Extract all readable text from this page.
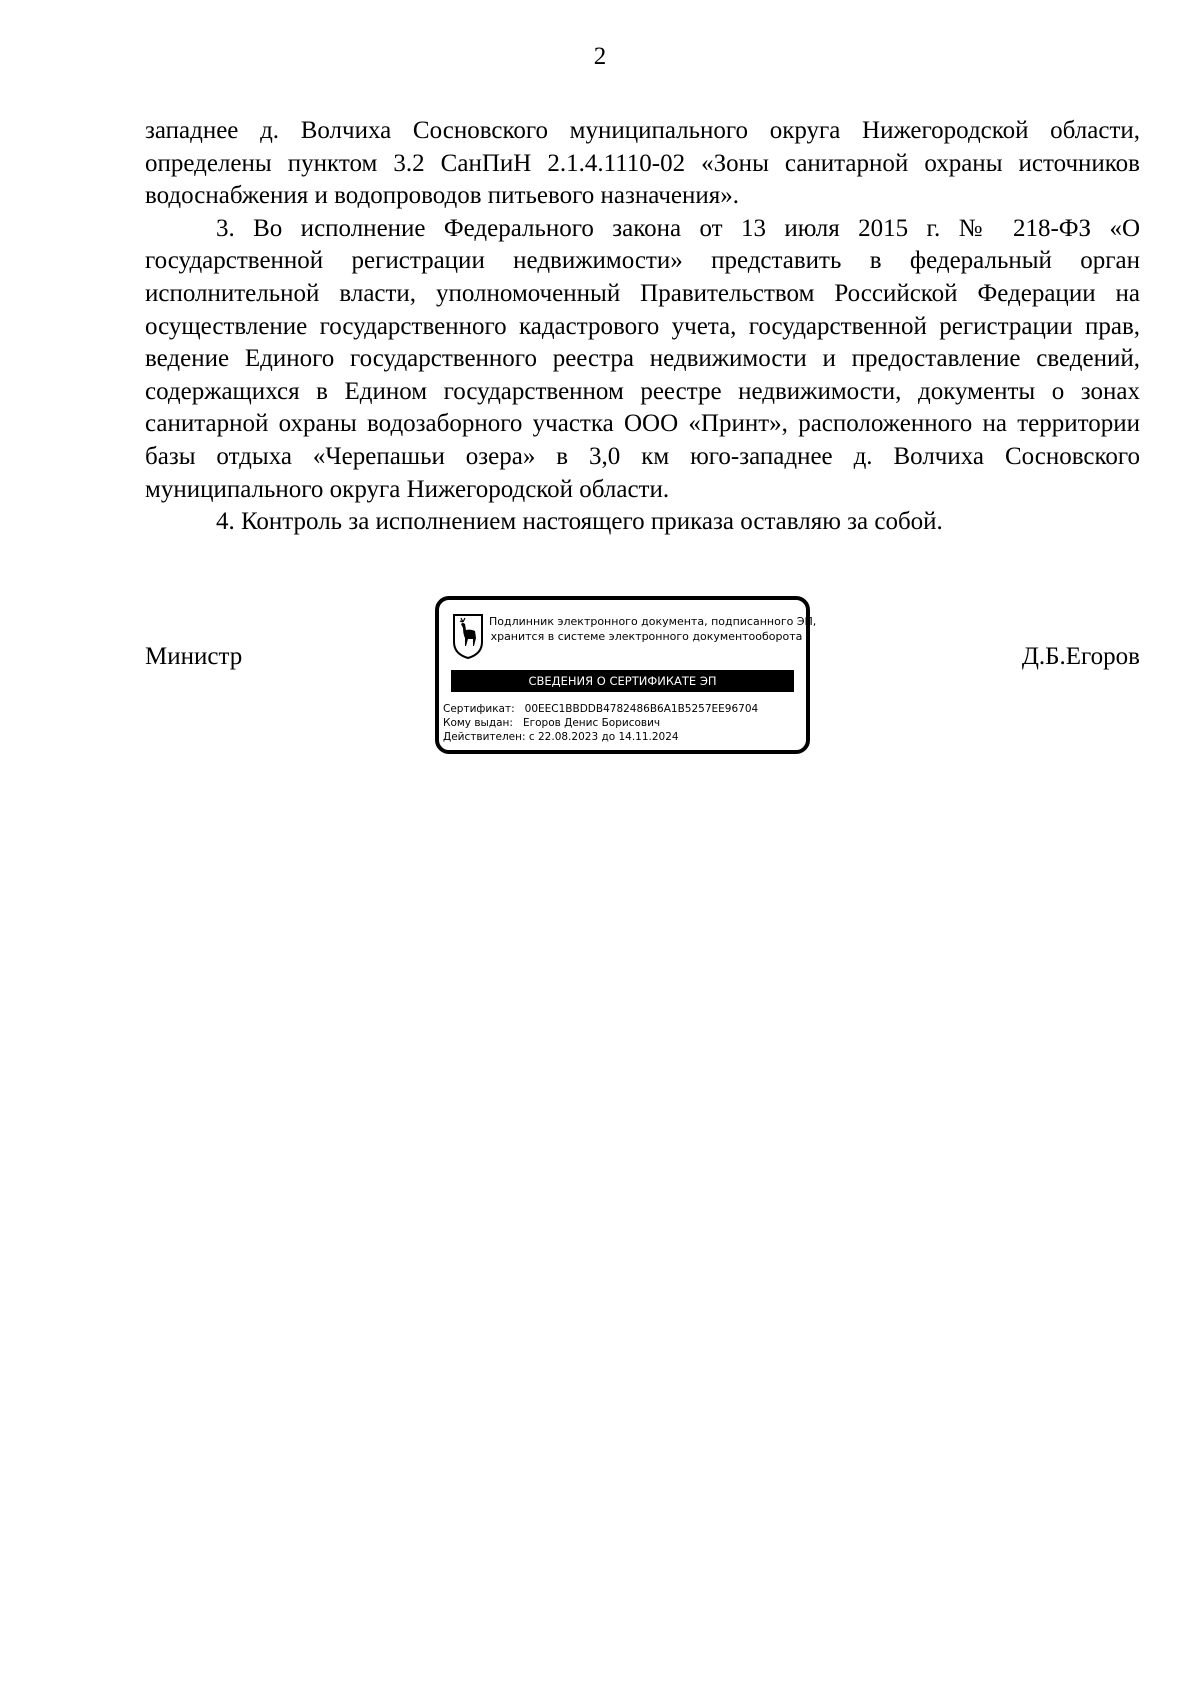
2

западнее д. Волчиха Сосновского муниципального округа Нижегородской области, определены пунктом 3.2 СанПиН 2.1.4.1110-02 «Зоны санитарной охраны источников водоснабжения и водопроводов питьевого назначения».

3. Во исполнение Федерального закона от 13 июля 2015 г. № 218-ФЗ «О государственной регистрации недвижимости» представить в федеральный орган исполнительной власти, уполномоченный Правительством Российской Федерации на осуществление государственного кадастрового учета, государственной регистрации прав, ведение Единого государственного реестра недвижимости и предоставление сведений, содержащихся в Едином государственном реестре недвижимости, документы о зонах санитарной охраны водозаборного участка ООО «Принт», расположенного на территории базы отдыха «Черепашьи озера» в 3,0 км юго-западнее д. Волчиха Сосновского муниципального округа Нижегородской области.

4. Контроль за исполнением настоящего приказа оставляю за собой.

Министр
Подлинник электронного документа, подписанного ЭП,
хранится в системе электронного документооборота
СВЕДЕНИЯ О СЕРТИФИКАТЕ ЭП
Сертификат: 00EEC1BBDDB4782486B6A1B5257EE96704
Кому выдан: Егоров Денис Борисович
Действителен: с 22.08.2023 до 14.11.2024
Д.Б.Егоров
